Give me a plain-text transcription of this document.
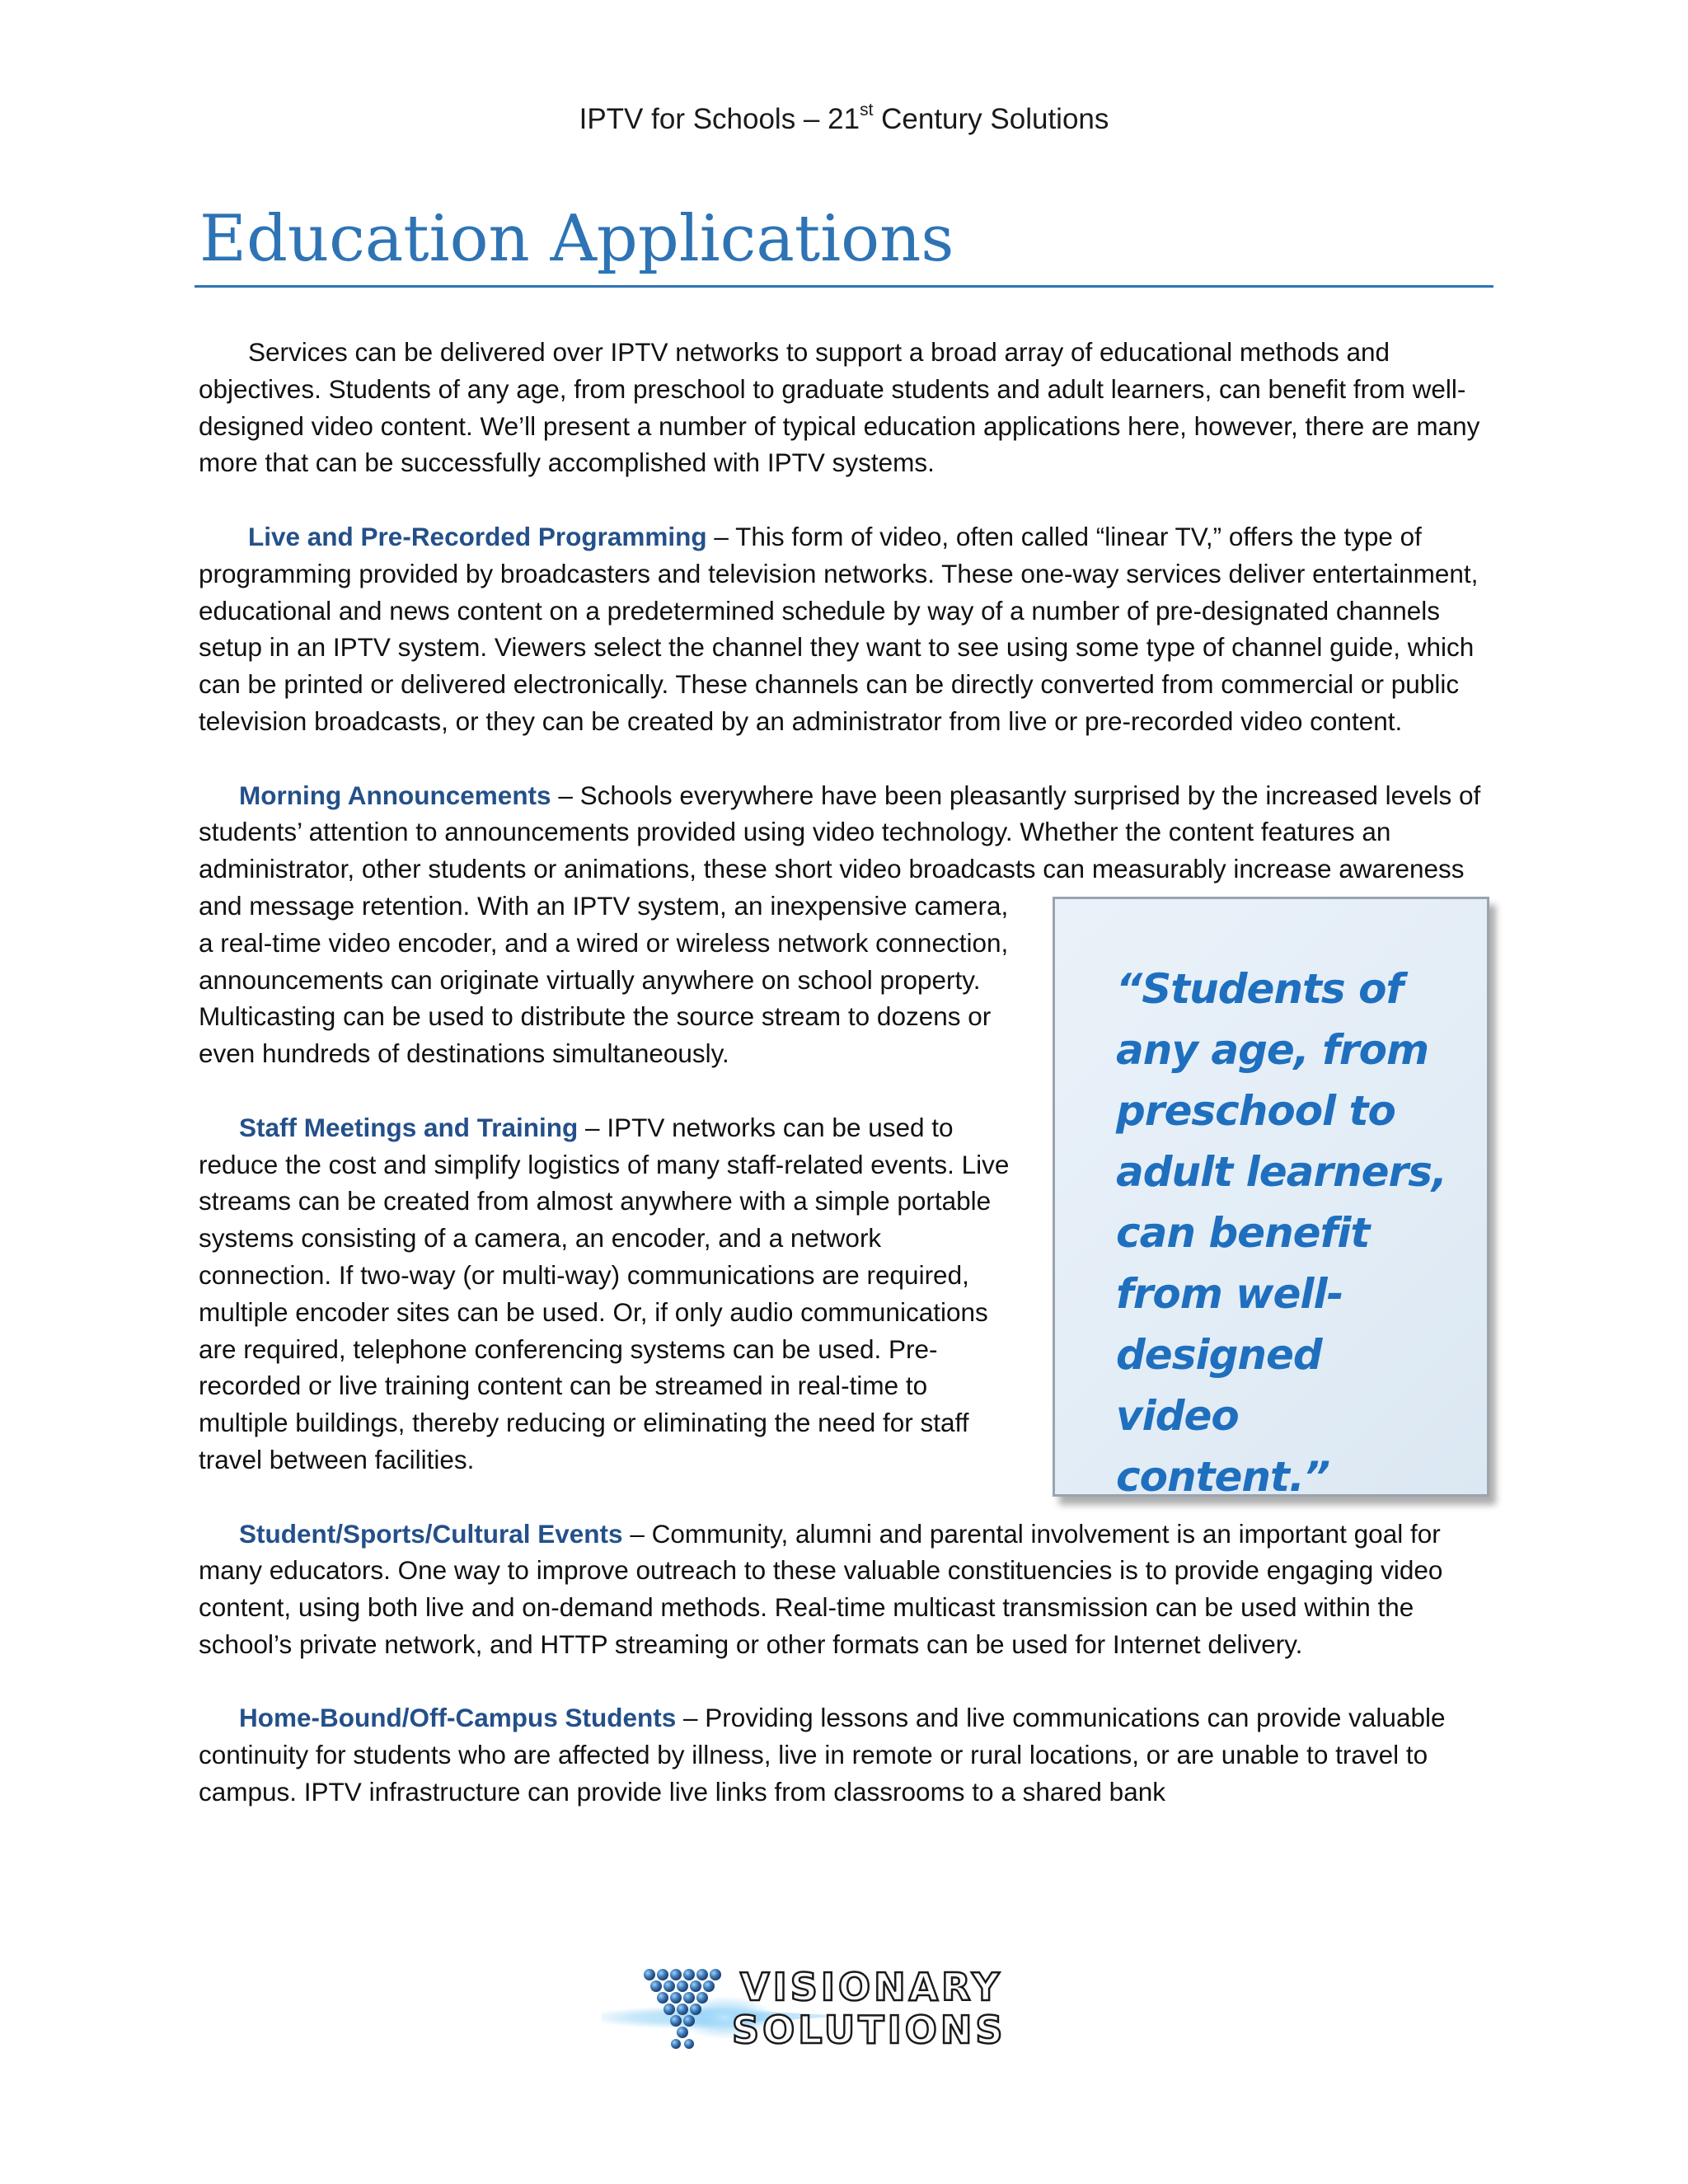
IPTV for Schools – 21st Century Solutions
Education Applications

Services can be delivered over IPTV networks to support a broad array of educational methods and objectives. Students of any age, from preschool to graduate students and adult learners, can benefit from well-designed video content. We’ll present a number of typical education applications here, however, there are many more that can be successfully accomplished with IPTV systems.

“Students of any age, from preschool to adult learners, can benefit from well-designed video content.”

Live and Pre-Recorded Programming – This form of video, often called “linear TV,” offers the type of programming provided by broadcasters and television networks. These one-way services deliver entertainment, educational and news content on a predetermined schedule by way of a number of pre-designated channels setup in an IPTV system. Viewers select the channel they want to see using some type of channel guide, which can be printed or delivered electronically. These channels can be directly converted from commercial or public television broadcasts, or they can be created by an administrator from live or pre-recorded video content.

Morning Announcements – Schools everywhere have been pleasantly surprised by the increased levels of students’ attention to announcements provided using video technology. Whether the content features an administrator, other students or animations, these short video broadcasts can measurably increase awareness and message retention. With an IPTV system, an inexpensive camera, a real-time video encoder, and a wired or wireless network connection, announcements can originate virtually anywhere on school property. Multicasting can be used to distribute the source stream to dozens or even hundreds of destinations simultaneously.

Staff Meetings and Training – IPTV networks can be used to reduce the cost and simplify logistics of many staff-related events. Live streams can be created from almost anywhere with a simple portable systems consisting of a camera, an encoder, and a network connection. If two-way (or multi-way) communications are required, multiple encoder sites can be used. Or, if only audio communications are required, telephone conferencing systems can be used. Pre-recorded or live training content can be streamed in real-time to multiple buildings, thereby reducing or eliminating the need for staff travel between facilities.

Student/Sports/Cultural Events – Community, alumni and parental involvement is an important goal for many educators. One way to improve outreach to these valuable constituencies is to provide engaging video content, using both live and on-demand methods. Real-time multicast transmission can be used within the school’s private network, and HTTP streaming or other formats can be used for Internet delivery.

Home-Bound/Off-Campus Students – Providing lessons and live communications can provide valuable continuity for students who are affected by illness, live in remote or rural locations, or are unable to travel to campus. IPTV infrastructure can provide live links from classrooms to a shared bank

VISIONARY
SOLUTIONS
